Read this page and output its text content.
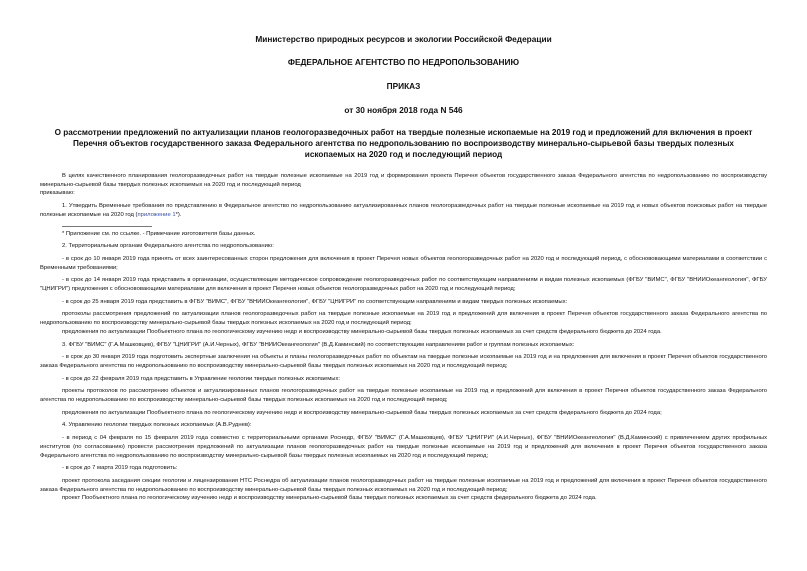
Министерство природных ресурсов и экологии Российской Федерации
ФЕДЕРАЛЬНОЕ АГЕНТСТВО ПО НЕДРОПОЛЬЗОВАНИЮ
ПРИКАЗ
от 30 ноября 2018 года N 546
О рассмотрении предложений по актуализации планов геологоразведочных работ на твердые полезные ископаемые на 2019 год и предложений для включения в проект Перечня объектов государственного заказа Федерального агентства по недропользованию по воспроизводству минерально-сырьевой базы твердых полезных ископаемых на 2020 год и последующий период

В целях качественного планирования геологоразведочных работ на твердые полезные ископаемые на 2019 год и формирования проекта Перечня объектов государственного заказа Федерального агентства по недропользованию по воспроизводству минерально-сырьевой базы твердых полезных ископаемых на 2020 год и последующий период

приказываю:

1. Утвердить Временные требования по представлению в Федеральное агентство по недропользованию актуализированных планов геологоразведочных работ на твердые полезные ископаемые на 2019 год и новых объектов поисковых работ на твердые полезные ископаемые на 2020 год (приложение 1*).

* Приложение см. по ссылке. - Примечание изготовителя базы данных.

2. Территориальным органам Федерального агентства по недропользованию:

- в срок до 10 января 2019 года принять от всех заинтересованных сторон предложения для включения в проект Перечня новых объектов геологоразведочных работ на 2020 год и последующий период, с обоснововающими материалами в соответствии с Временными требованиями;

- в срок до 14 января 2019 года представить в организации, осуществляющие методическое сопровождение геологоразведочных работ по соответствующим направлениям и видам полезных ископаемых (ФГБУ "ВИМС", ФГБУ "ВНИИОкеангеология", ФГБУ "ЦНИГРИ") предложения с обоснововающими материалами для включения в проект Перечня новых объектов геологоразведочных работ на 2020 год и последующий период;

- в срок до 25 января 2019 года представить в ФГБУ "ВИМС", ФГБУ "ВНИИОкеангеология", ФГБУ "ЦНИГРИ" по соответствующим направлениям и видам твердых полезных ископаемых:

протоколы рассмотрения предложений по актуализации планов геологоразведочных работ на твердые полезные ископаемые на 2019 год и предложений для включения в проект Перечня объектов государственного заказа Федерального агентства по недропользованию по воспроизводству минерально-сырьевой базы твердых полезных ископаемых на 2020 год и последующий период;

предложения по актуализации Пообъектного плана по геологическому изучению недр и воспроизводству минерально-сырьевой базы твердых полезных ископаемых за счет средств федерального бюджета до 2024 года.

3. ФГБУ "ВИМС" (Г.А.Машковцев), ФГБУ "ЦНИГРИ" (А.И.Черных), ФГБУ "ВНИИОкеангеология" (В.Д.Каминский) по соответствующим направлениям работ и группам полезных ископаемых:

- в срок до 30 января 2019 года подготовить экспертные заключения на объекты и планы геологоразведочных работ по объектам на твердые полезные ископаемые на 2019 год и на предложения для включения в проект Перечня объектов государственного заказа Федерального агентства по недропользованию по воспроизводству минерально-сырьевой базы твердых полезных ископаемых на 2020 год и последующий период;

- в срок до 22 февраля 2019 года представить в Управление геологии твердых полезных ископаемых:

проекты протоколов по рассмотрению объектов и актуализированных планов геологоразведочных работ на твердые полезные ископаемые на 2019 год и предложений для включения в проект Перечня объектов государственного заказа Федерального агентства по недропользованию по воспроизводству минерально-сырьевой базы твердых полезных ископаемых на 2020 год и последующий период;

предложения по актуализации Пообъектного плана по геологическому изучению недр и воспроизводству минерально-сырьевой базы твердых полезных ископаемых за счет средств федерального бюджета до 2024 года;

4. Управлению геологии твердых полезных ископаемых (А.В.Руднев):

- в период с 04 февраля по 15 февраля 2019 года совместно с территориальными органами Роснедр, ФГБУ "ВИМС" (Г.А.Машковцев), ФГБУ "ЦНИГРИ" (А.И.Черных), ФГБУ "ВНИИОкеангеология" (В.Д.Каминский) с привлечением других профильных институтов (по согласованию) провести рассмотрения предложений по актуализации планов геологоразведочных работ на твердые полезные ископаемые на 2019 год и предложений для включения в проект Перечня объектов государственного заказа Федерального агентства по недропользованию по воспроизводству минерально-сырьевой базы твердых полезных ископаемых на 2020 год и последующий период;

- в срок до 7 марта 2019 года подготовить:

проект протокола заседания секции геологии и лицензирования НТС Роснедра об актуализации планов геологоразведочных работ на твердые полезные ископаемые на 2019 год и предложений для включения в проект Перечня объектов государственного заказа Федерального агентства по недропользованию по воспроизводству минерально-сырьевой базы твердых полезных ископаемых на 2020 год и последующий период;

проект Пообъектного плана по геологическому изучению недр и воспроизводству минерально-сырьевой базы твердых полезных ископаемых за счет средств федерального бюджета до 2024 года.
